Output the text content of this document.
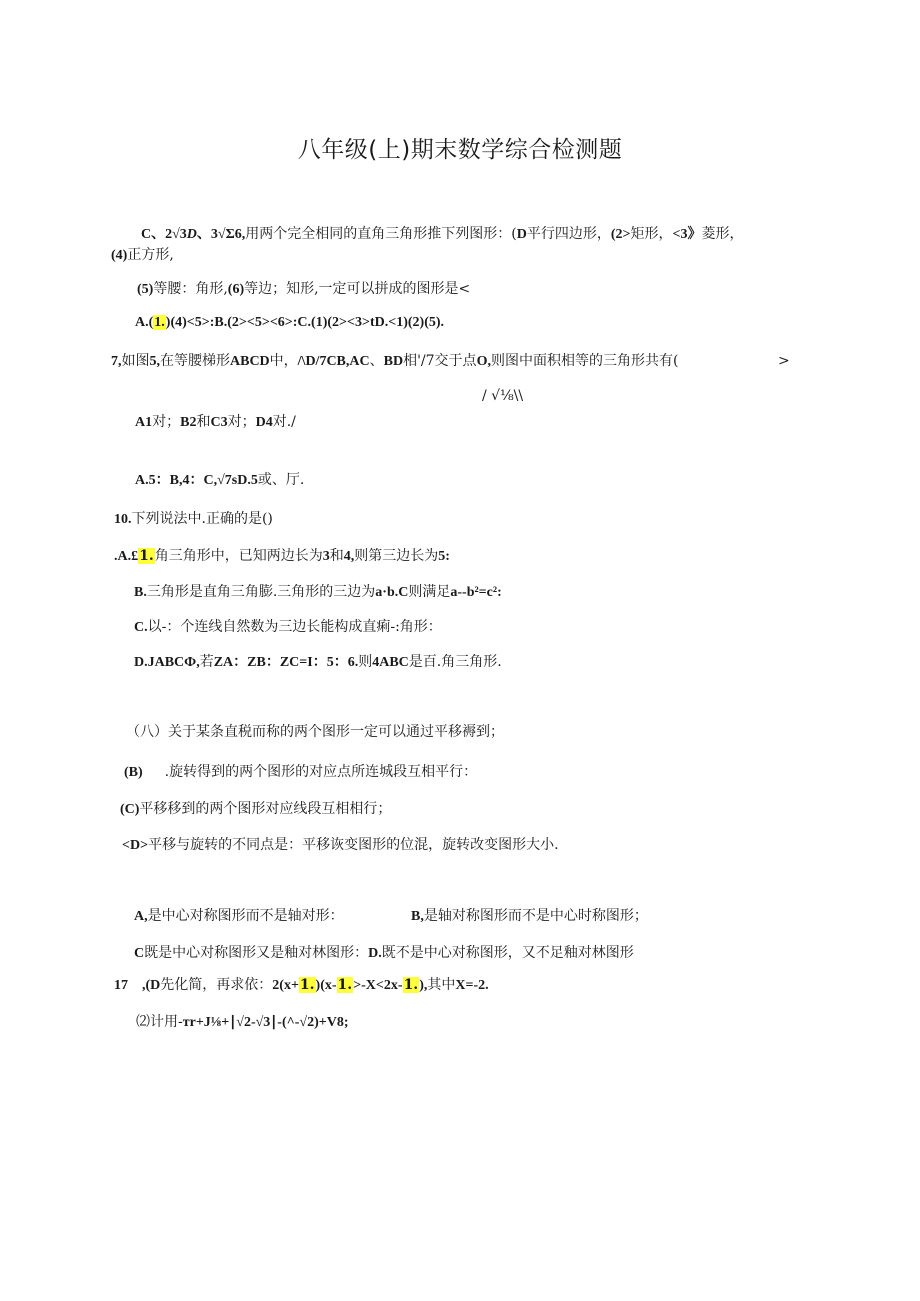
八年级(上)期末数学综合检测题
C、2√3D、3√Σ6,用两个完全相同的直角三角形推下列图形：(D平行四边形，(2>矩形，<3》菱形，
(4)正方形,
(5)等腰：角形,(6)等边；知形,一定可以拼成的图形是<
A.(1.)(4)<5>:B.(2><5><6>:C.(1)(2><3>tD.<1)(2)(5).
7,如图5,在等腰梯形ABCD中，/\D/7CB,AC、BD相'/7交于点O,则图中面积相等的三角形共有(	>
/ √⅛\\
A1对；B2和C3对；D4对./
A.5：B,4：C,√7sD.5或、厅.
10.下列说法中.正确的是()
.A.£1.角三角形中，已知两边长为3和4,则第三边长为5:
B.三角形是直角三角膨.三角形的三边为a·b.C则满足a--b²=c²:
C.以-：个连线自然数为三边长能构成直痢-:角形：
D.JABCФ,若ZA：ZB：ZC=I：5：6.则4ABC是百.角三角形.
（八）关于某条直税而称的两个图形一定可以通过平移褥到；
(B) .旋转得到的两个图形的对应点所连城段互相平行：
(C)平移移到的两个图形对应线段互相相行；
<D>平移与旋转的不同点是：平移诙变图形的位混，旋转改变图形大小.
A,是中心对称图形而不是轴对形：	B,是轴对称图形而不是中心时称图形；
C既是中心对称图形又是釉对林图形：D.既不是中心对称图形，又不足釉对林图形
17 ,(D先化简，再求依：2(x+1.)(x-1.>-X<2x-1.),其中X=-2.
⑵计用-тr+J⅛+∣√2-√3∣-(^-√2)+V8;
